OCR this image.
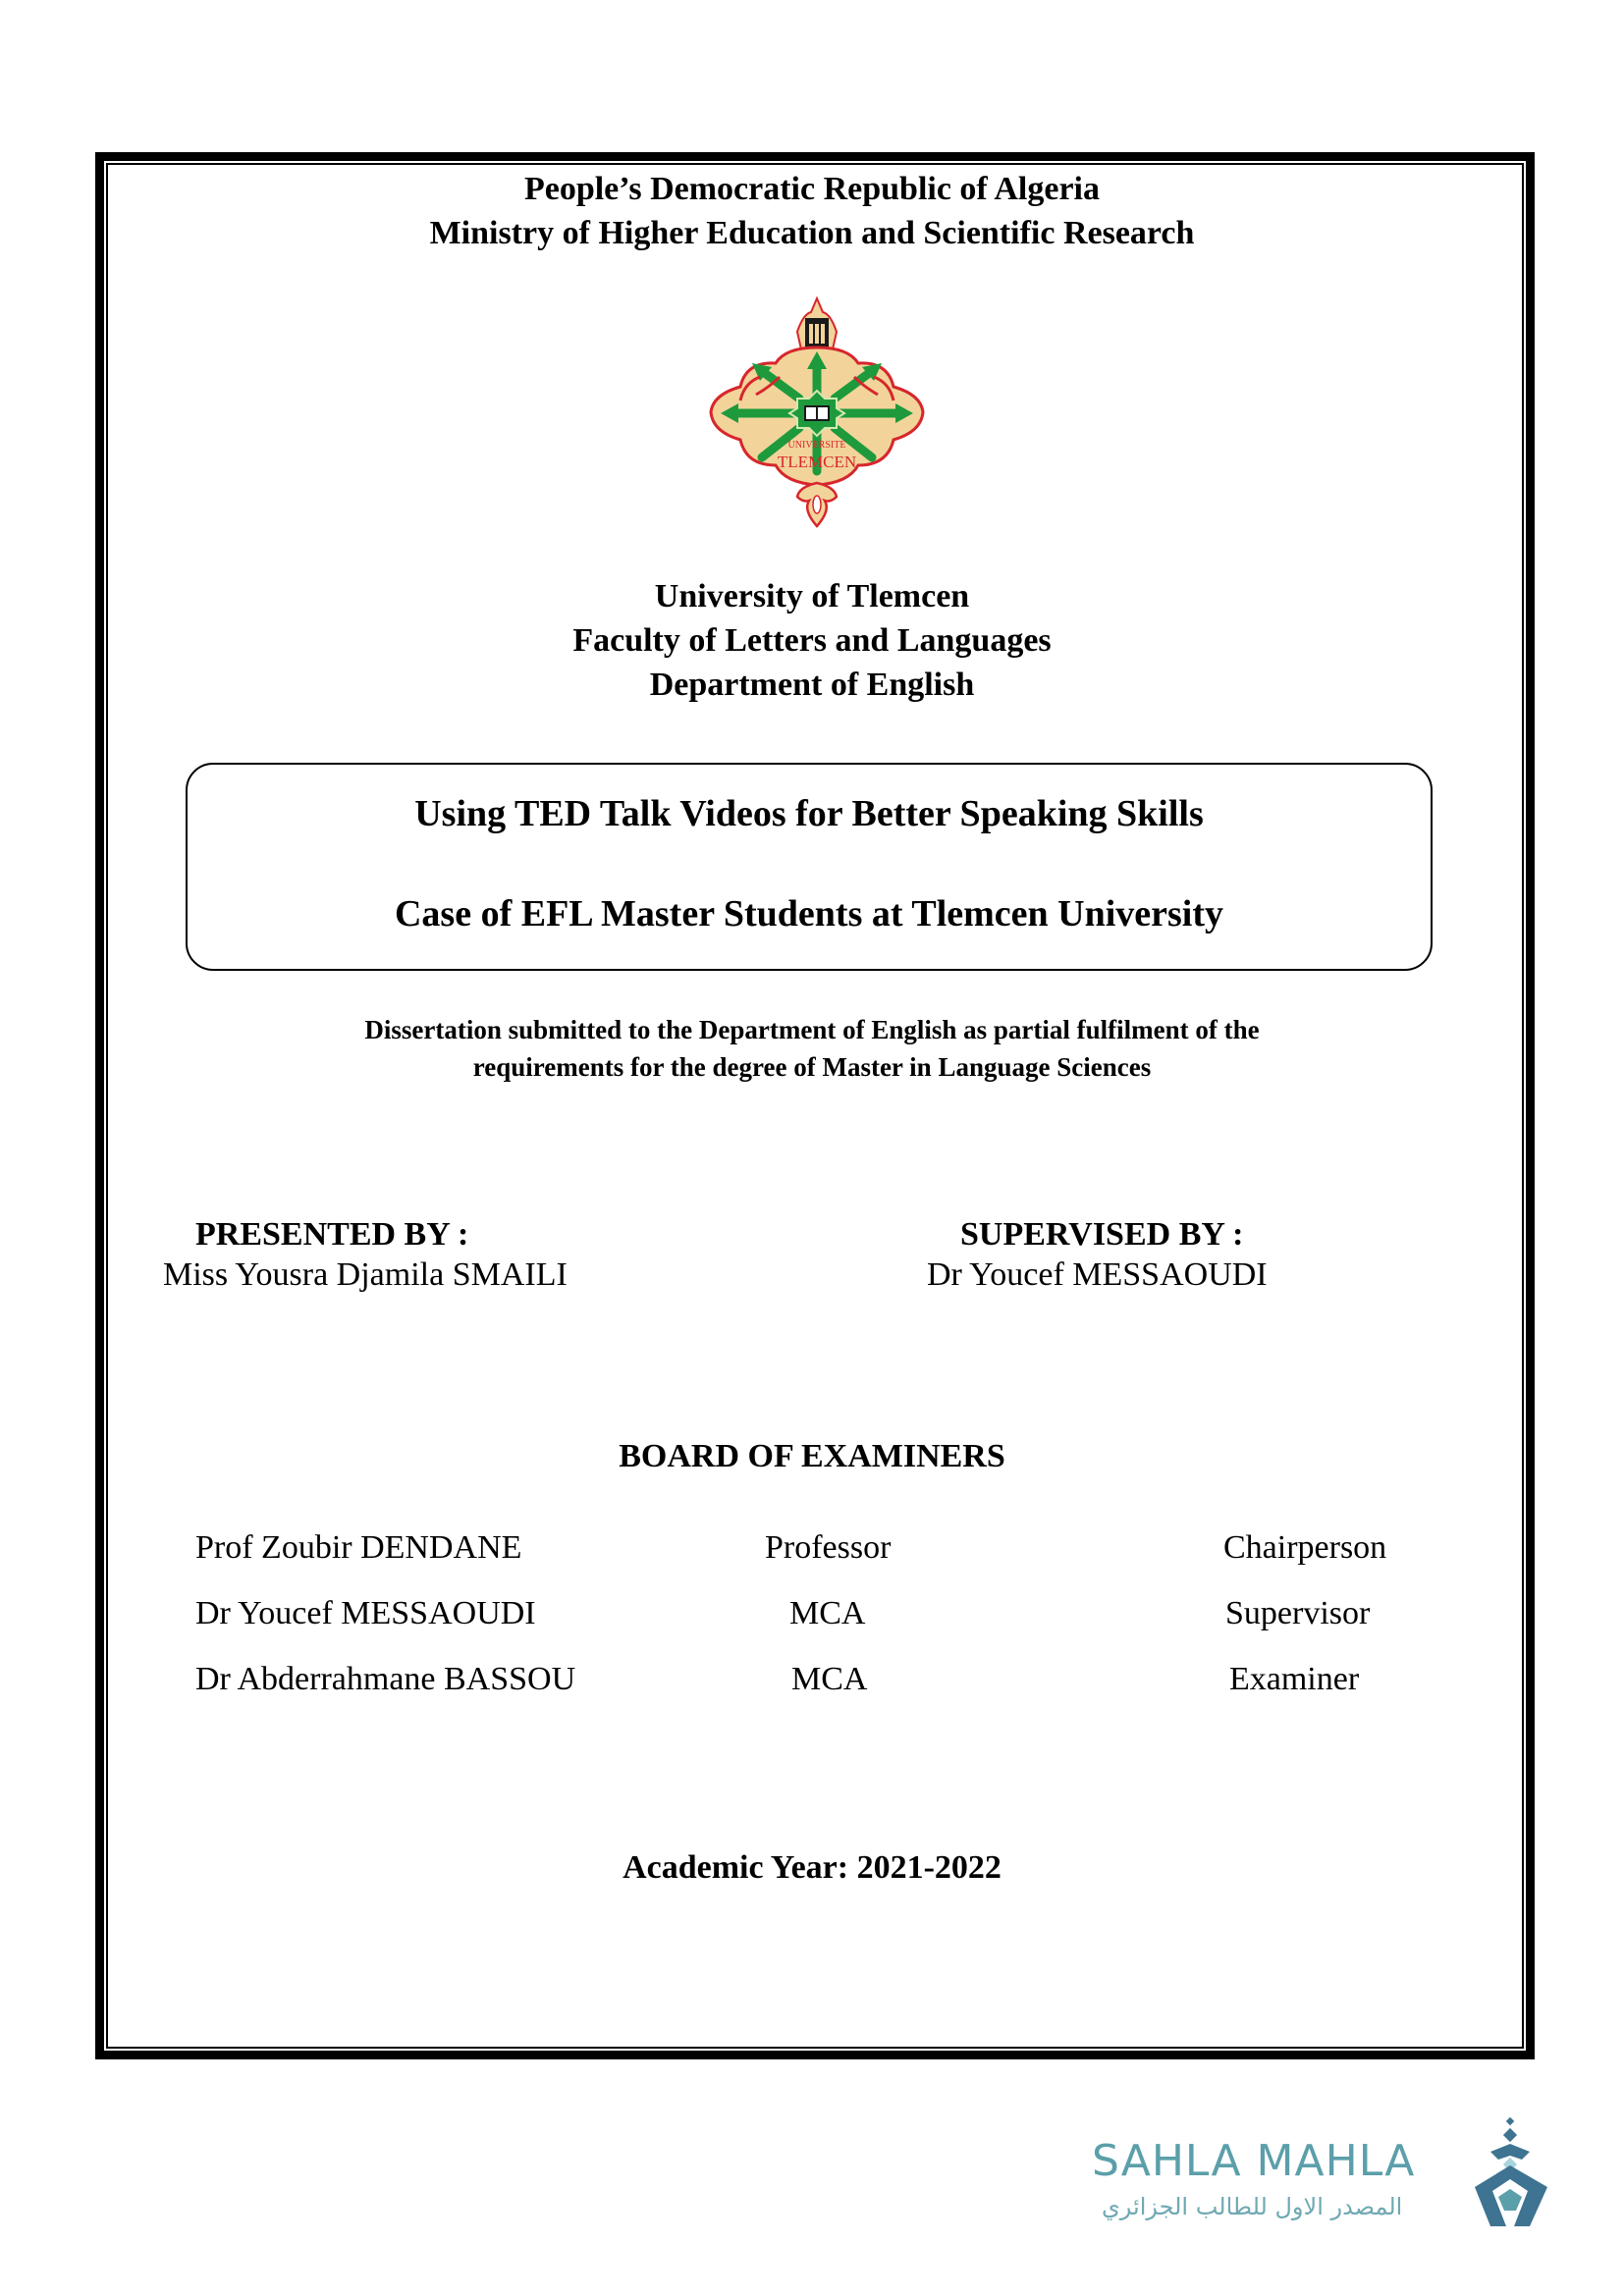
People’s Democratic Republic of Algeria
Ministry of Higher Education and Scientific Research
UNIVERSITE
TLEMCEN
University of Tlemcen
Faculty of Letters and Languages
Department of English
Using TED Talk Videos for Better Speaking Skills
Case of EFL Master Students at Tlemcen University
Dissertation submitted to the Department of English as partial fulfilment of the
requirements for the degree of Master in Language Sciences
PRESENTED BY :
Miss Yousra Djamila SMAILI
SUPERVISED BY :
Dr Youcef MESSAOUDI
BOARD OF EXAMINERS
Prof Zoubir DENDANE	Professor	Chairperson
Dr Youcef MESSAOUDI	MCA	Supervisor
Dr Abderrahmane BASSOU	MCA	Examiner
Academic Year: 2021-2022
SAHLA MAHLA
المصدر الاول للطالب الجزائري
